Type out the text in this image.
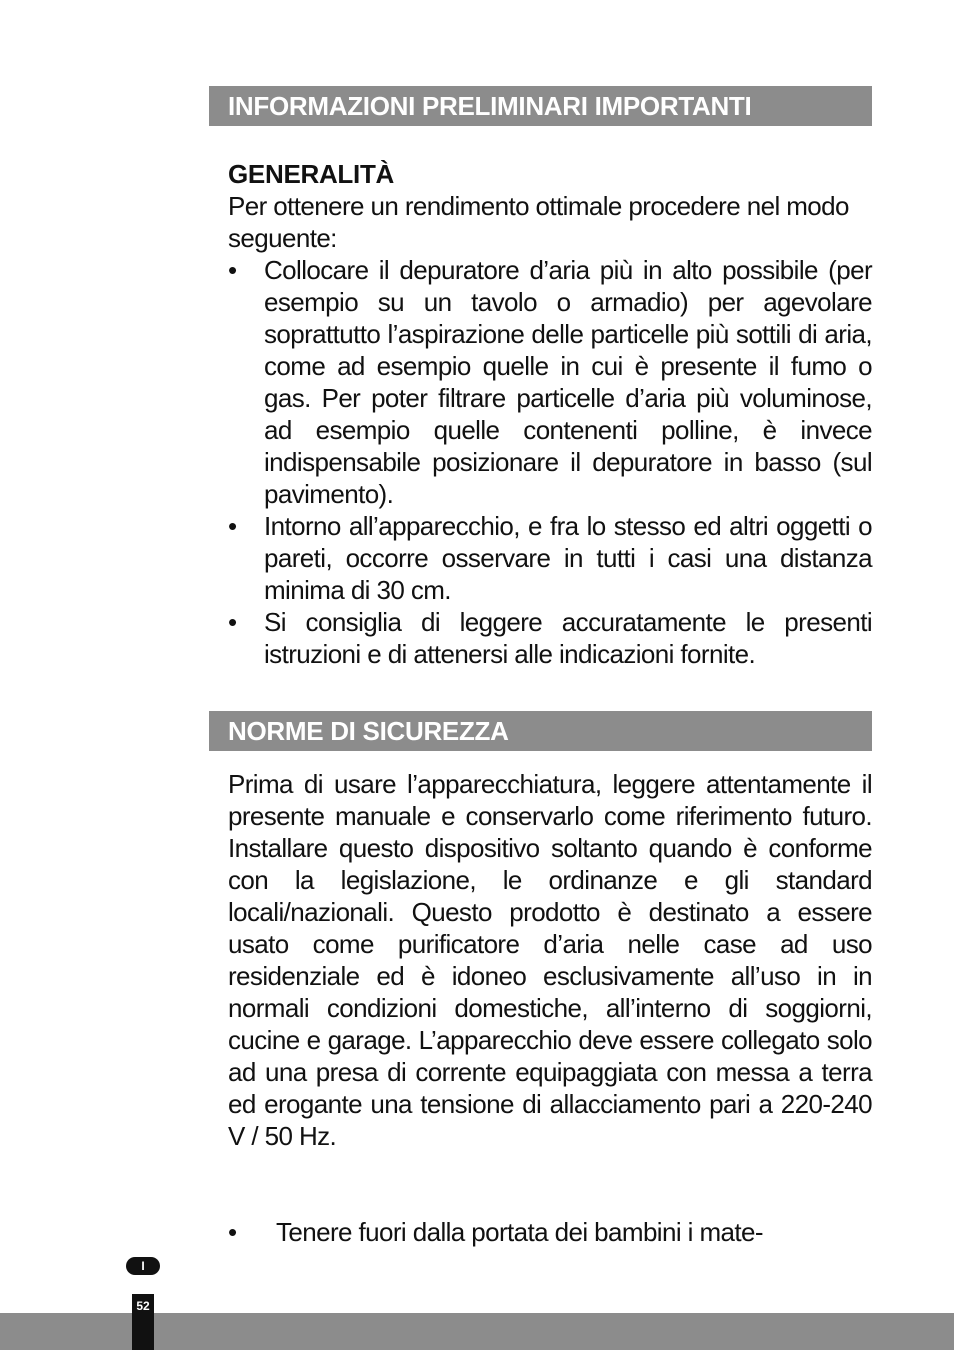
INFORMAZIONI PRELIMINARI IMPORTANTI

GENERALITÀ

Per ottenere un rendimento ottimale procedere nel modo seguente:

•	Collocare il depuratore d’aria più in alto possibile (per esempio su un tavolo o armadio) per agevolare soprattutto l’aspirazione delle particelle più sottili di aria, come ad esempio quelle in cui è presente il fumo o gas. Per poter filtrare particelle d’aria più voluminose, ad esempio quelle contenenti polline, è invece indispensabile posizionare il depuratore in basso (sul pavimento).
•	Intorno all’apparecchio, e fra lo stesso ed altri oggetti o pareti, occorre osservare in tutti i casi una distanza minima di 30 cm.
•	Si consiglia di leggere accuratamente le presenti istruzioni e di attenersi alle indicazioni fornite.
NORME DI SICUREZZA

Prima di usare l’apparecchiatura, leggere attentamente il presente manuale e conservarlo come riferimento futuro. Installare questo dispositivo soltanto quando è conforme con la legislazione, le ordinanze e gli standard locali/nazionali. Questo prodotto è destinato a essere usato come purificatore d’aria nelle case ad uso residenziale ed è idoneo esclusivamente all’uso in in normali condizioni domestiche, all’interno di soggiorni, cucine e garage. L’apparecchio deve essere collegato solo ad una presa di corrente equipaggiata con messa a terra ed erogante una tensione di allacciamento pari a 220-240 V / 50 Hz.

• Tenere fuori dalla portata dei bambini i mate-
I
52
